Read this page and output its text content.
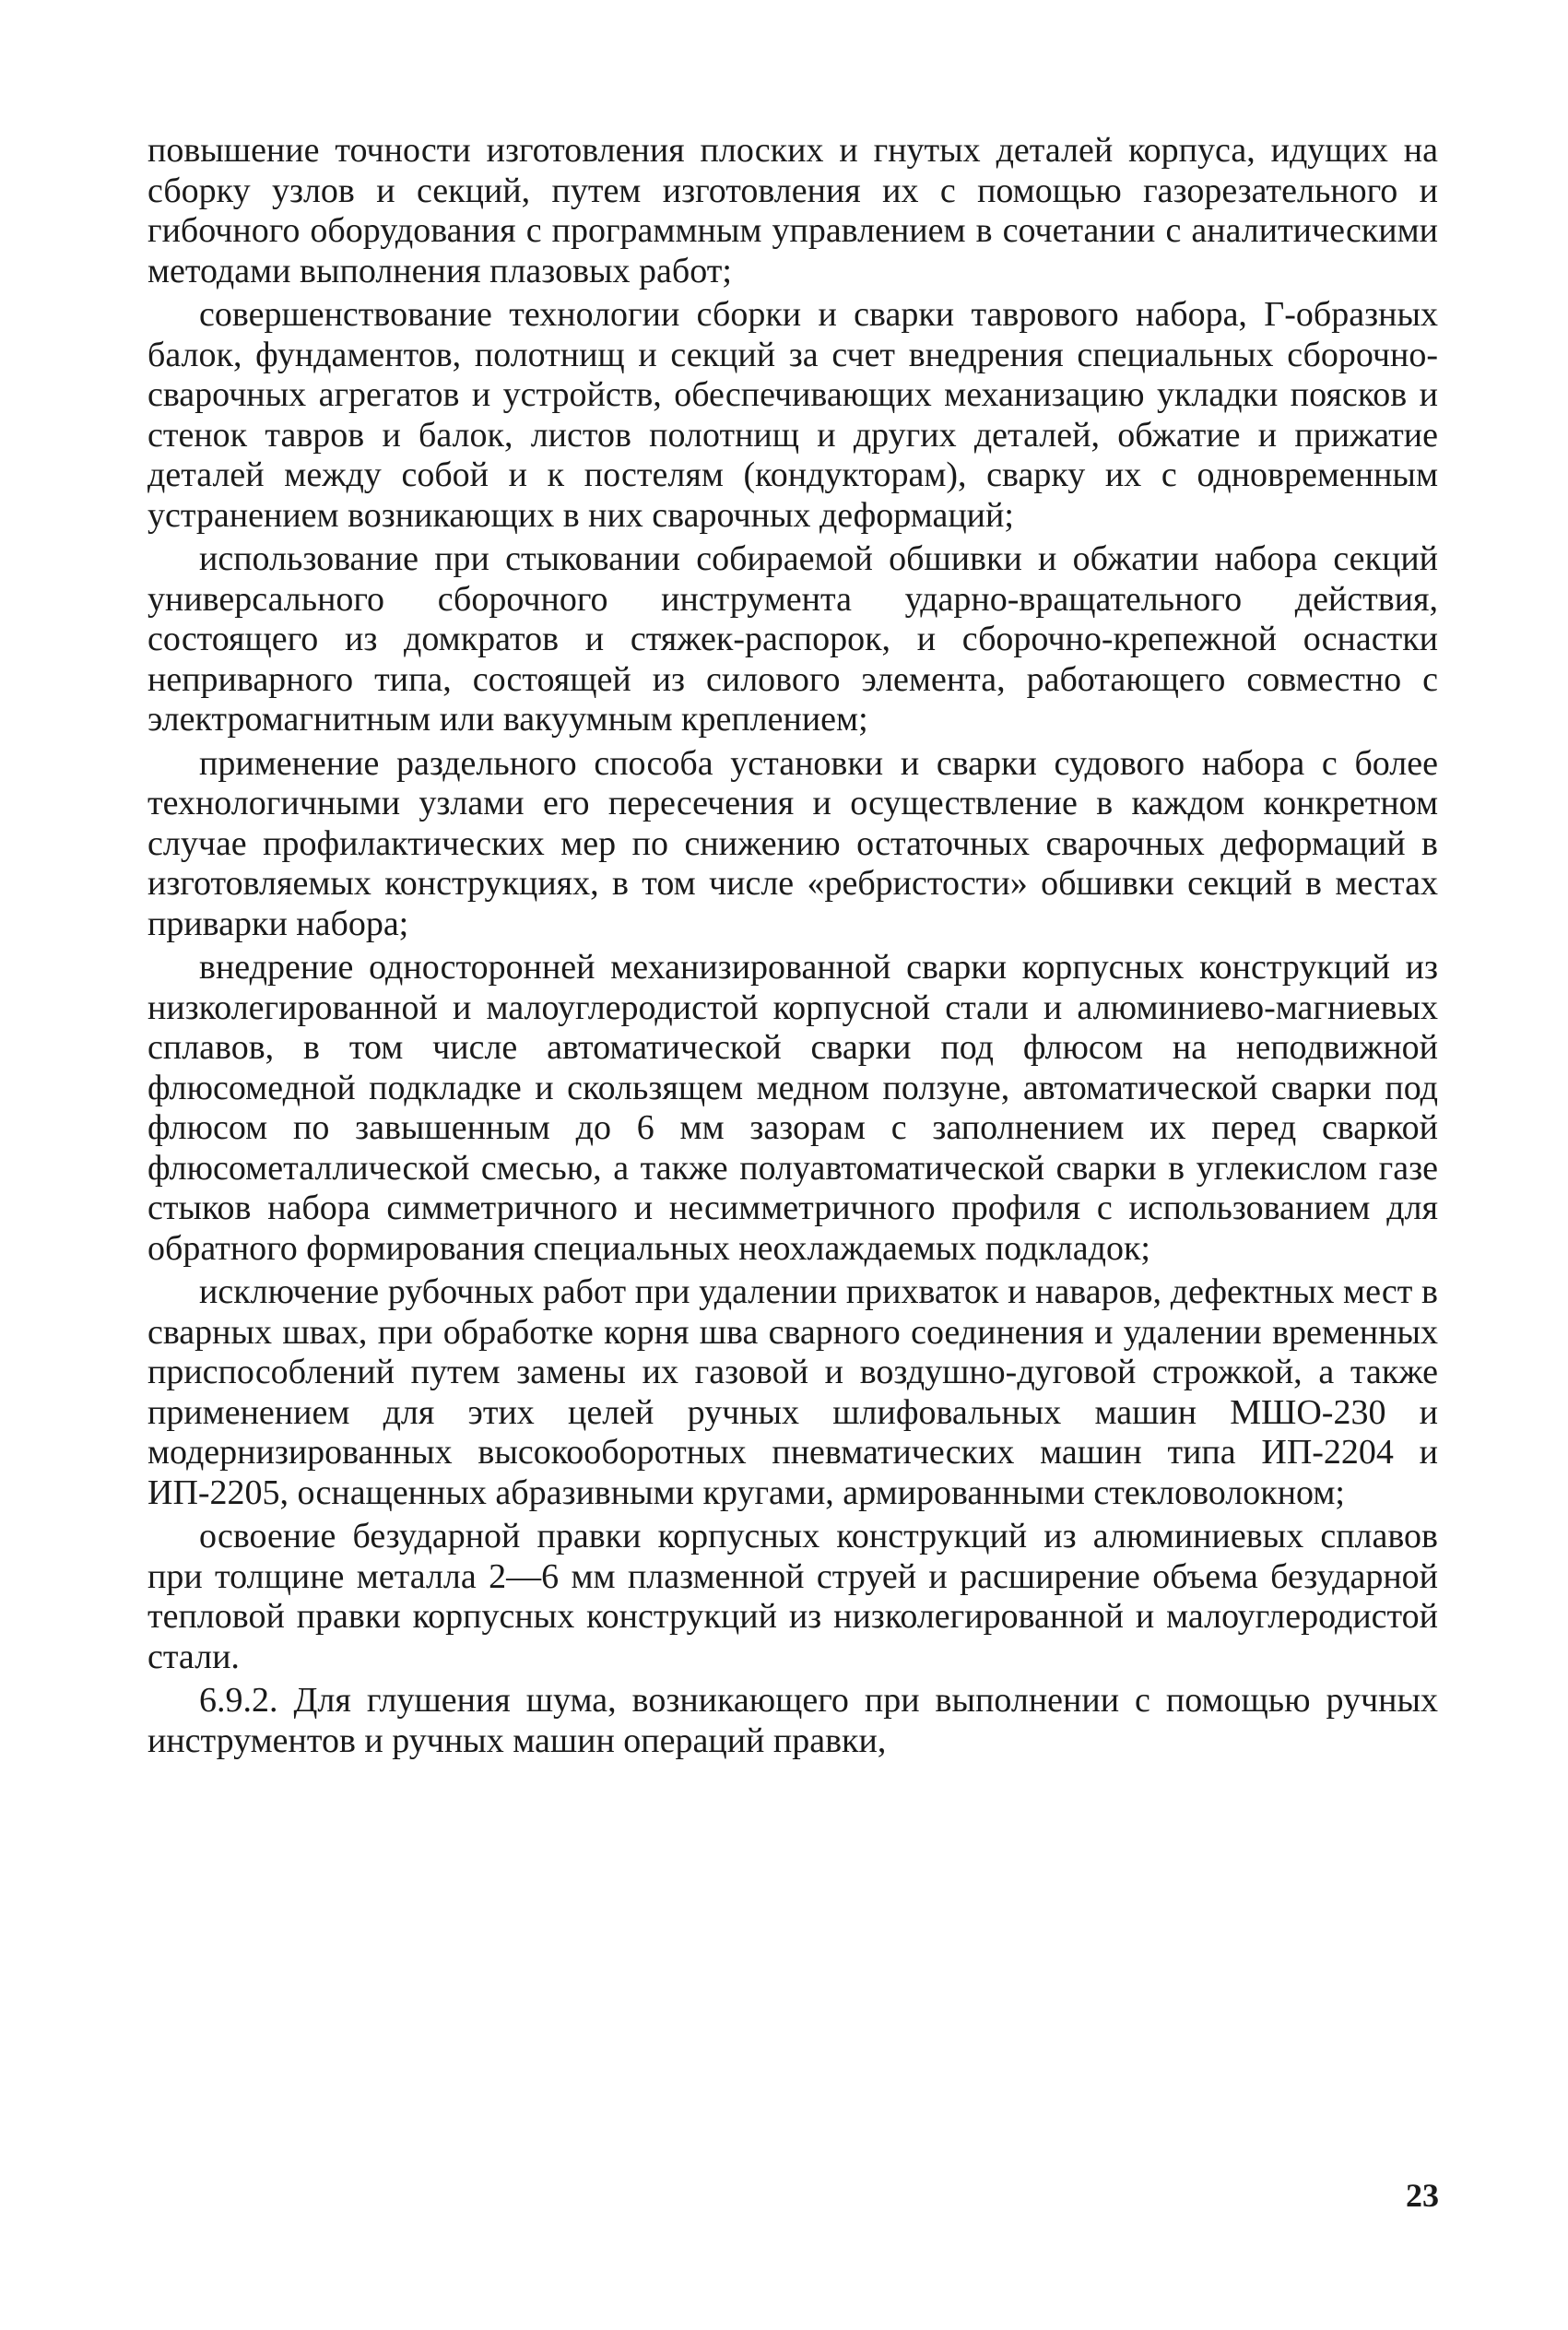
повышение точности изготовления плоских и гнутых деталей корпуса, идущих на сборку узлов и секций, путем изготовления их с помощью газорезательного и гибочного оборудования с программным управлением в сочетании с аналитическими методами выполнения плазовых работ;

совершенствование технологии сборки и сварки таврового набора, Г-образных балок, фундаментов, полотнищ и секций за счет внедрения специальных сборочно-сварочных агрегатов и устройств, обеспечивающих механизацию укладки поясков и стенок тавров и балок, листов полотнищ и других деталей, обжатие и прижатие деталей между собой и к постелям (кондукторам), сварку их с одновременным устранением возникающих в них сварочных деформаций;

использование при стыковании собираемой обшивки и обжатии набора секций универсального сборочного инструмента ударно-вращательного действия, состоящего из домкратов и стяжек-распорок, и сборочно-крепежной оснастки неприварного типа, состоящей из силового элемента, работающего совместно с электромагнитным или вакуумным креплением;

применение раздельного способа установки и сварки судового набора с более технологичными узлами его пересечения и осуществление в каждом конкретном случае профилактических мер по снижению остаточных сварочных деформаций в изготовляемых конструкциях, в том числе «ребристости» обшивки секций в местах приварки набора;

внедрение односторонней механизированной сварки корпусных конструкций из низколегированной и малоуглеродистой корпусной стали и алюминиево-магниевых сплавов, в том числе автоматической сварки под флюсом на неподвижной флюсомедной подкладке и скользящем медном ползуне, автоматической сварки под флюсом по завышенным до 6 мм зазорам с заполнением их перед сваркой флюсометаллической смесью, а также полуавтоматической сварки в углекислом газе стыков набора симметричного и несимметричного профиля с использованием для обратного формирования специальных неохлаждаемых подкладок;

исключение рубочных работ при удалении прихваток и наваров, дефектных мест в сварных швах, при обработке корня шва сварного соединения и удалении временных приспособлений путем замены их газовой и воздушно-дуговой строжкой, а также применением для этих целей ручных шлифовальных машин МШО-230 и модернизированных высокооборотных пневматических машин типа ИП-2204 и ИП-2205, оснащенных абразивными кругами, армированными стекловолокном;

освоение безударной правки корпусных конструкций из алюминиевых сплавов при толщине металла 2—6 мм плазменной струей и расширение объема безударной тепловой правки корпусных конструкций из низколегированной и малоуглеродистой стали.

6.9.2. Для глушения шума, возникающего при выполнении с помощью ручных инструментов и ручных машин операций правки,

23
